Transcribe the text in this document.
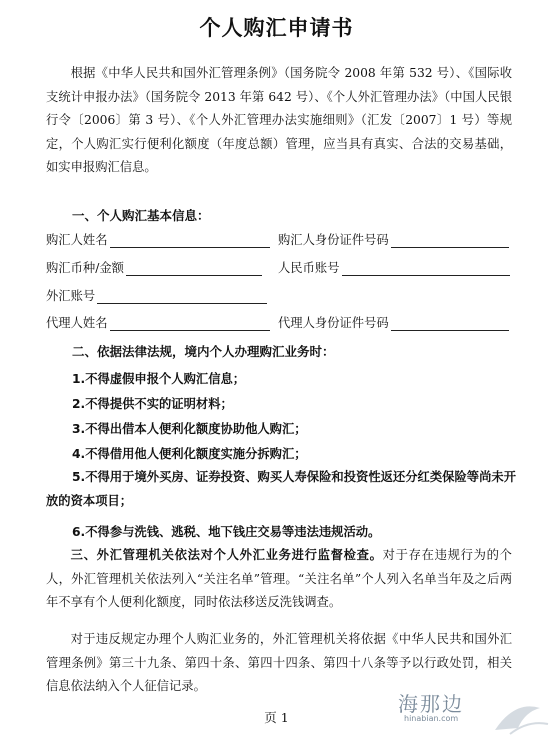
个人购汇申请书
根据《中华人民共和国外汇管理条例》（国务院令 2008 年第 532 号）、《国际收支统计申报办法》（国务院令 2013 年第 642 号）、《个人外汇管理办法》（中国人民银行令〔2006〕第 3 号）、《个人外汇管理办法实施细则》（汇发〔2007〕1 号）等规定，个人购汇实行便利化额度（年度总额）管理，应当具有真实、合法的交易基础，如实申报购汇信息。
一、个人购汇基本信息：
购汇人姓名	购汇人身份证件号码
购汇币种/金额	人民币账号
外汇账号
代理人姓名	代理人身份证件号码
二、依据法律法规，境内个人办理购汇业务时：
1.不得虚假申报个人购汇信息；
2.不得提供不实的证明材料；
3.不得出借本人便利化额度协助他人购汇；
4.不得借用他人便利化额度实施分拆购汇；
5.不得用于境外买房、证券投资、购买人寿保险和投资性返还分红类保险等尚未开放的资本项目；
6.不得参与洗钱、逃税、地下钱庄交易等违法违规活动。
三、外汇管理机关依法对个人外汇业务进行监督检查。对于存在违规行为的个人，外汇管理机关依法列入“关注名单”管理。“关注名单”个人列入名单当年及之后两年不享有个人便利化额度，同时依法移送反洗钱调查。
对于违反规定办理个人购汇业务的，外汇管理机关将依据《中华人民共和国外汇管理条例》第三十九条、第四十条、第四十四条、第四十八条等予以行政处罚，相关信息依法纳入个人征信记录。
页 1
海那边
hinabian.com
